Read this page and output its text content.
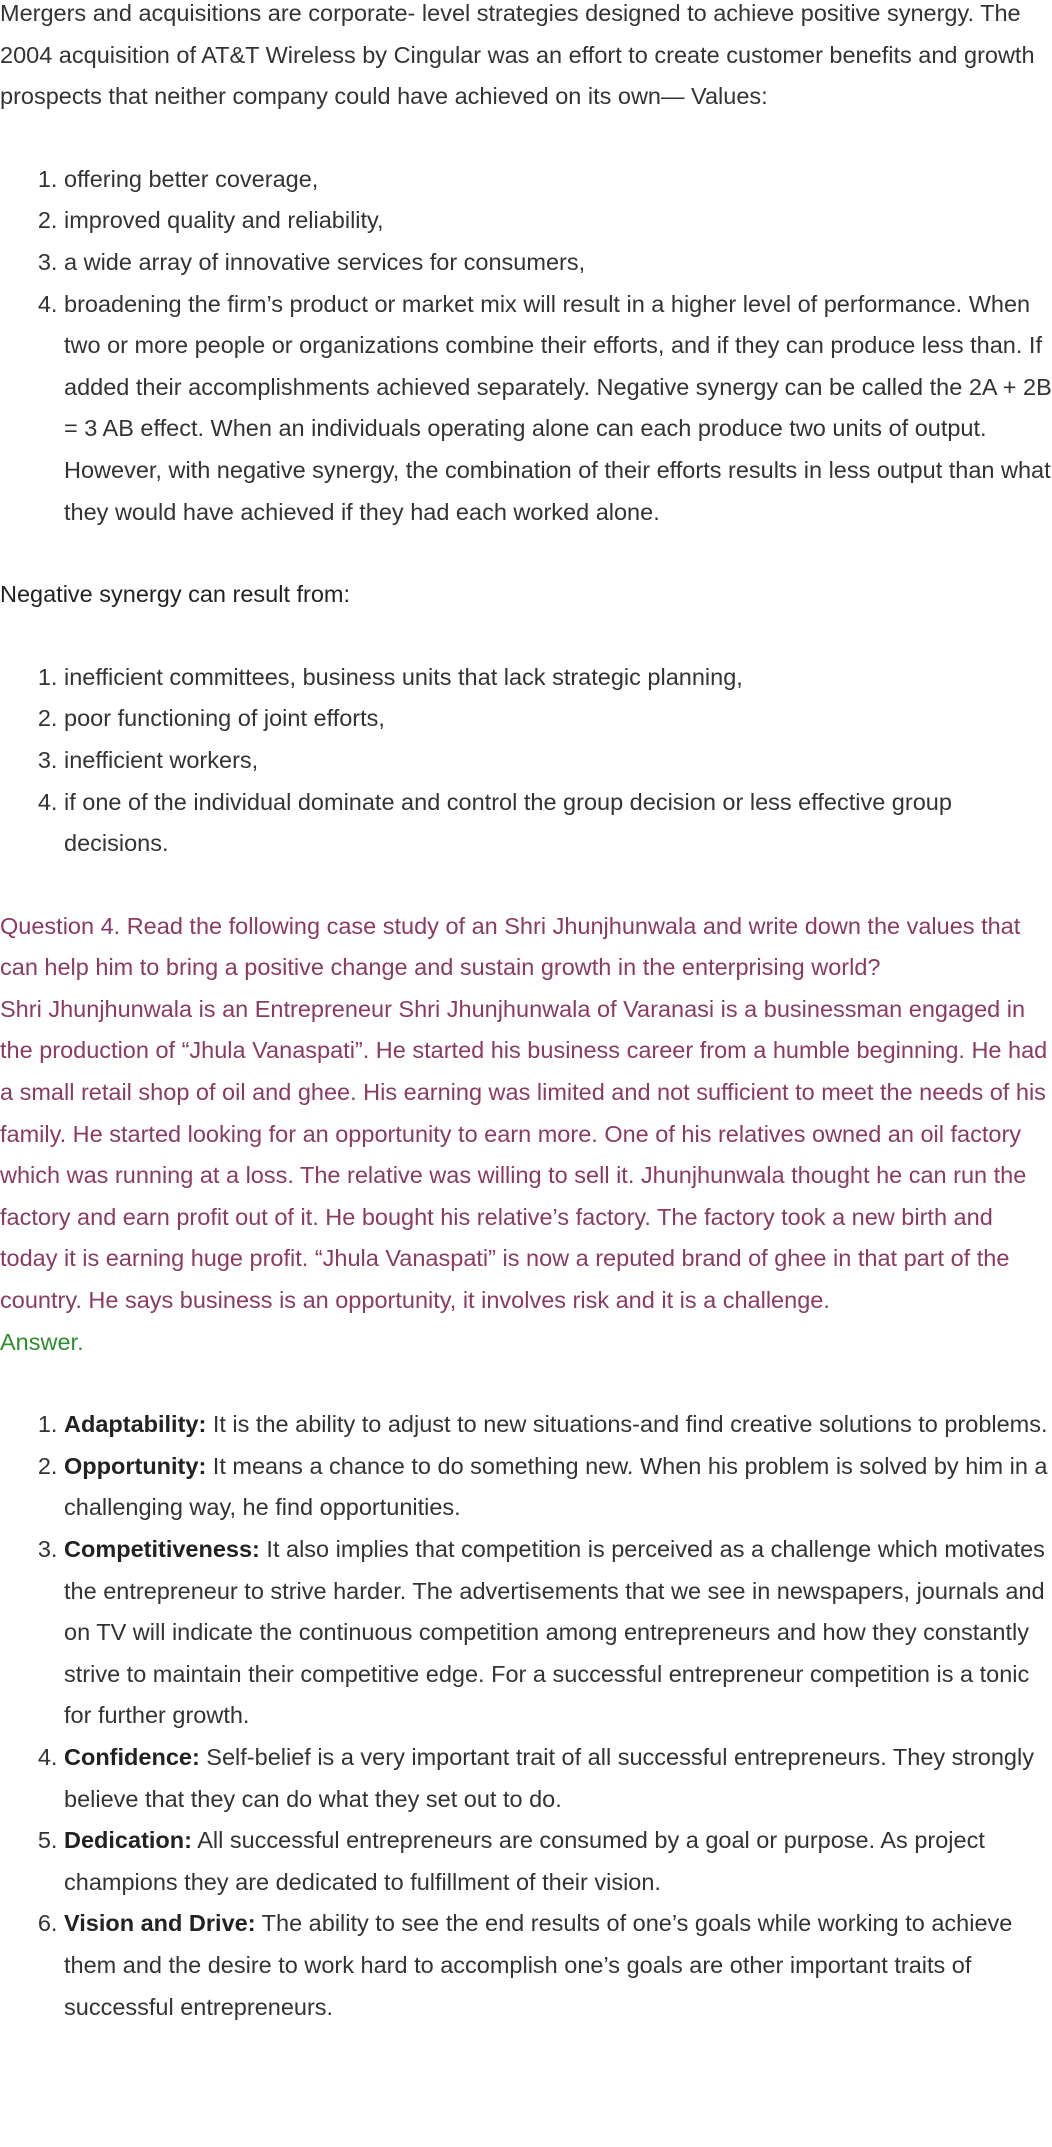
Mergers and acquisitions are corporate- level strategies designed to achieve positive synergy. The 2004 acquisition of AT&T Wireless by Cingular was an effort to create customer benefits and growth prospects that neither company could have achieved on its own— Values:

1. offering better coverage,
2. improved quality and reliability,
3. a wide array of innovative services for consumers,
4. broadening the firm’s product or market mix will result in a higher level of performance. When two or more people or organizations combine their efforts, and if they can produce less than. If added their accomplishments achieved separately. Negative synergy can be called the 2A + 2B = 3 AB effect. When an individuals operating alone can each produce two units of output. However, with negative synergy, the combination of their efforts results in less output than what they would have achieved if they had each worked alone.

Negative synergy can result from:

1. inefficient committees, business units that lack strategic planning,
2. poor functioning of joint efforts,
3. inefficient workers,
4. if one of the individual dominate and control the group decision or less effective group decisions.

Question 4. Read the following case study of an Shri Jhunjhunwala and write down the values that can help him to bring a positive change and sustain growth in the enterprising world?

Shri Jhunjhunwala is an Entrepreneur Shri Jhunjhunwala of Varanasi is a businessman engaged in the production of “Jhula Vanaspati”. He started his business career from a humble beginning. He had a small retail shop of oil and ghee. His earning was limited and not sufficient to meet the needs of his family. He started looking for an opportunity to earn more. One of his relatives owned an oil factory which was running at a loss. The relative was willing to sell it. Jhunjhunwala thought he can run the factory and earn profit out of it. He bought his relative’s factory. The factory took a new birth and today it is earning huge profit. “Jhula Vanaspati” is now a reputed brand of ghee in that part of the country. He says business is an opportunity, it involves risk and it is a challenge.

Answer.

1. Adaptability: It is the ability to adjust to new situations-and find creative solutions to problems.
2. Opportunity: It means a chance to do something new. When his problem is solved by him in a challenging way, he find opportunities.
3. Competitiveness: It also implies that competition is perceived as a challenge which motivates the entrepreneur to strive harder. The advertisements that we see in newspapers, journals and on TV will indicate the continuous competition among entrepreneurs and how they constantly strive to maintain their competitive edge. For a successful entrepreneur competition is a tonic for further growth.
4. Confidence: Self-belief is a very important trait of all successful entrepreneurs. They strongly believe that they can do what they set out to do.
5. Dedication: All successful entrepreneurs are consumed by a goal or purpose. As project champions they are dedicated to fulfillment of their vision.
6. Vision and Drive: The ability to see the end results of one’s goals while working to achieve them and the desire to work hard to accomplish one’s goals are other important traits of successful entrepreneurs.
